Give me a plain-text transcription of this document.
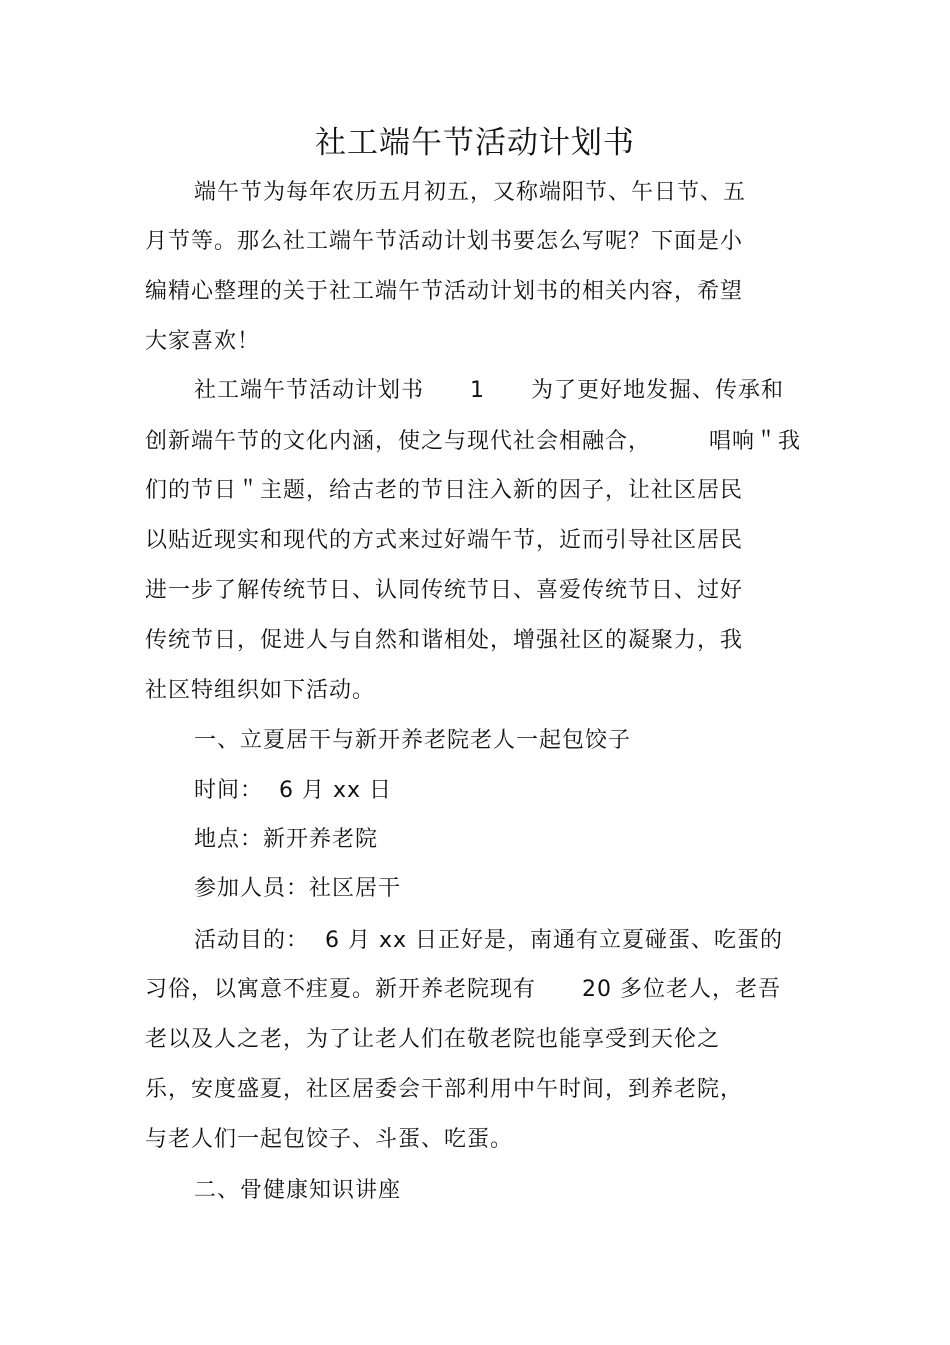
社工端午节活动计划书
端午节为每年农历五月初五，又称端阳节、午日节、五
月节等。那么社工端午节活动计划书要怎么写呢？下面是小
编精心整理的关于社工端午节活动计划书的相关内容，希望
大家喜欢！
社工端午节活动计划书　　1　　为了更好地发掘、传承和
创新端午节的文化内涵，使之与现代社会相融合，　　　唱响＂我
们的节日＂主题，给古老的节日注入新的因子，让社区居民
以贴近现实和现代的方式来过好端午节，近而引导社区居民
进一步了解传统节日、认同传统节日、喜爱传统节日、过好
传统节日，促进人与自然和谐相处，增强社区的凝聚力，我
社区特组织如下活动。
一、立夏居干与新开养老院老人一起包饺子
时间：  6 月 xx 日
地点：新开养老院
参加人员：社区居干
活动目的：  6 月 xx 日正好是，南通有立夏碰蛋、吃蛋的
习俗，以寓意不疰夏。新开养老院现有　　20 多位老人，老吾
老以及人之老，为了让老人们在敬老院也能享受到天伦之
乐，安度盛夏，社区居委会干部利用中午时间，到养老院，
与老人们一起包饺子、斗蛋、吃蛋。
二、骨健康知识讲座
